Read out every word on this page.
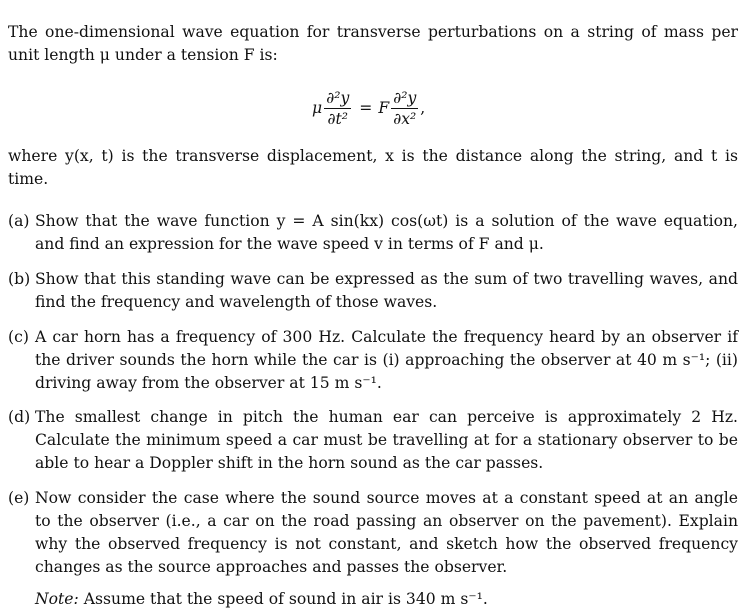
The one-dimensional wave equation for transverse perturbations on a string of mass per unit length μ under a tension F is:

μ $\frac{\text{∂²y}}{\text{∂t²}} = F \frac{\text{∂²y}}{\text{∂x²}}$ ,

where y(x, t) is the transverse displacement, x is the distance along the string, and t is time.

(a) Show that the wave function y = A sin(kx) cos(ωt) is a solution of the wave equation, and find an expression for the wave speed v in terms of F and μ.
(b) Show that this standing wave can be expressed as the sum of two travelling waves, and find the frequency and wavelength of those waves.
(c) A car horn has a frequency of 300 Hz. Calculate the frequency heard by an observer if the driver sounds the horn while the car is (i) approaching the observer at 40 m s⁻¹; (ii) driving away from the observer at 15 m s⁻¹.
(d) The smallest change in pitch the human ear can perceive is approximately 2 Hz. Calculate the minimum speed a car must be travelling at for a stationary observer to be able to hear a Doppler shift in the horn sound as the car passes.
(e) Now consider the case where the sound source moves at a constant speed at an angle to the observer (i.e., a car on the road passing an observer on the pavement). Explain why the observed frequency is not constant, and sketch how the observed frequency changes as the source approaches and passes the observer.
Note: Assume that the speed of sound in air is 340 m s⁻¹.
